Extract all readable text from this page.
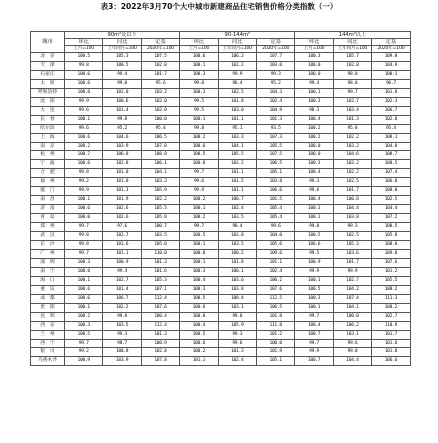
表3：2022年3月70个大中城市新建商品住宅销售价格分类指数（一）
城市	90m²及以下			90-144m²			144m²以上		
	环比	同比	定基	环比	同比	定基	环比	同比	定基
	上月=100	上年同月=100	2020年=100	上月=100	上年同月=100	2020年=100	上月=100	上年同月=100	2020年=100
北　京	100.5	105.3	107.5	100.6	106.2	107.7	100.3	105.7	109.8
天　津	99.8	100.5	102.0	100.1	102.2	103.0	100.0	102.0	104.9
石家庄	100.6	99.4	101.7	100.3	99.9	99.3	100.0	98.0	100.1
太　原	100.6	99.0	95.6	99.8	96.4	95.2	99.4	98.8	96.7
呼和浩特	100.0	102.0	103.2	100.3	102.5	104.3	100.1	99.7	101.8
沈　阳	99.9	100.6	102.0	99.5	101.8	102.4	100.3	102.7	102.3
大　连	99.6	101.4	102.0	99.5	103.0	104.9	98.3	103.4	106.7
长　春	100.1	99.8	100.0	100.1	101.1	101.3	100.4	101.3	102.8
哈尔滨	99.6	95.2	95.4	99.8	95.1	93.5	100.2	95.8	95.4
上　海	100.6	104.6	106.5	100.2	103.3	107.3	100.2	102.2	108.1
南　京	100.2	103.9	107.8	100.6	104.1	105.5	100.0	103.2	104.8
杭　州	100.7	106.8	108.8	100.5	105.5	107.5	100.0	104.6	108.7
宁　波	100.6	102.8	106.1	100.0	102.2	106.5	100.3	103.2	108.5
合　肥	99.8	101.0	104.1	99.7	101.1	105.1	100.4	102.2	107.4
福　州	99.2	101.0	103.3	99.6	101.5	103.8	99.3	102.5	106.8
厦　门	99.9	101.3	105.9	99.9	101.1	106.6	99.6	101.7	108.0
南　昌	100.1	101.9	102.2	100.2	100.7	101.5	100.4	100.8	102.5
济　南	100.6	102.6	105.5	100.1	102.4	105.4	100.1	104.4	104.4
青　岛	100.0	102.6	105.8	100.2	103.5	105.4	100.1	103.8	107.2
郑　州	99.7	97.6	100.7	99.7	98.4	99.6	99.8	99.3	100.5
武　汉	99.8	102.7	103.5	100.5	102.8	104.0	100.5	102.5	105.8
长　沙	99.8	101.6	105.0	100.1	103.5	105.6	100.6	105.3	108.0
广　州	99.7	101.1	110.0	100.0	100.2	109.6	99.5	103.6	109.8
深　圳	100.3	100.9	101.3	100.1	101.8	101.1	100.9	101.7	107.6
南　宁	100.0	99.4	101.6	100.3	100.1	102.4	99.9	99.9	101.2
海　口	100.1	102.7	105.3	100.4	103.6	106.2	100.1	102.7	105.5
重　庆	100.6	101.4	107.1	100.3	103.8	107.6	100.5	104.2	108.2
成　都	100.6	106.7	112.4	100.5	108.4	112.5	100.3	107.4	111.3
贵　阳	100.1	102.2	107.6	100.6	103.1	106.5	100.1	104.1	108.2
昆　明	100.2	99.8	100.4	100.0	99.8	101.8	99.7	100.0	102.7
西　安	100.3	103.5	112.4	100.4	105.9	111.8	100.4	106.2	110.9
兰　州	100.5	99.3	101.3	100.5	99.3	101.2	100.7	103.1	101.7
西　宁	99.7	98.7	100.9	100.6	99.6	100.0	99.7	99.6	101.6
银　川	99.2	100.8	102.8	100.2	101.3	101.9	99.9	99.0	101.8
乌鲁木齐	100.9	103.9	107.8	101.1	102.4	105.1	100.7	104.4	106.6
